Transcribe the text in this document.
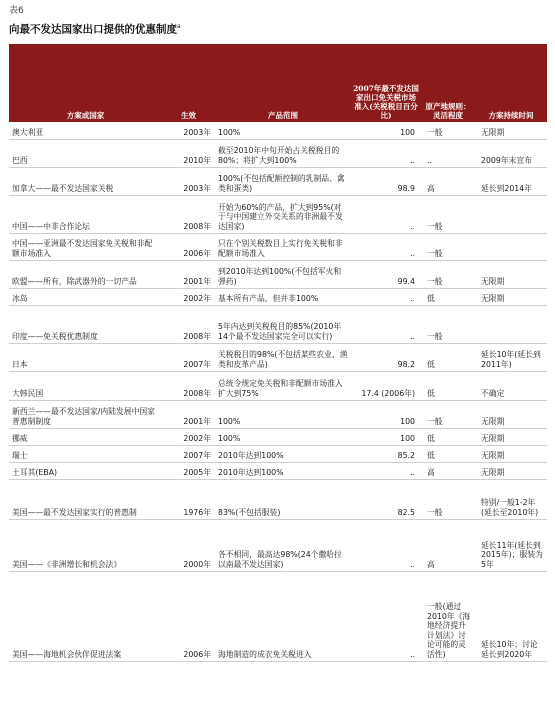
表6
向最不发达国家出口提供的优惠制度$^a$
方案或国家	生效	产品范围	2007年最不发达国家出口免关税市场准入(关税税目百分比)	原产地规则：灵活程度	方案持续时间
澳大利亚	2003年	100%	100	一般	无限期
巴西	2010年	截至2010年中旬开始占关税税目的80%；将扩大到100%	..	..	2009年末宣布
加拿大——最不发达国家关税	2003年	100%(不包括配额控制的乳制品、禽类和蛋类)	98.9	高	延长到2014年
中国——中非合作论坛	2008年	开始为60%的产品，扩大到95%(对于与中国建立外交关系的非洲最不发达国家)	..	一般	
中国——亚洲最不发达国家免关税和非配额市场准入	2006年	只在个别关税数目上实行免关税和非配额市场准入	..	一般	
欧盟——所有，除武器外的一切产品	2001年	到2010年达到100%(不包括军火和弹药)	99.4	一般	无限期
冰岛	2002年	基本所有产品，但并非100%	..	低	无限期
印度——免关税优惠制度	2008年	5年内达到关税税目的85%(2010年14个最不发达国家完全可以实行)	..	一般	
日本	2007年	关税税目的98%(不包括某些农业、渔类和皮革产品)	98.2	低	延长10年(延长到2011年)
大韩民国	2008年	总统令规定免关税和非配额市场准入扩大到75%	17.4 (2006年)	低	不确定
新西兰——最不发达国家/内陆发展中国家普惠制制度	2001年	100%	100	一般	无限期
挪威	2002年	100%	100	低	无限期
瑞士	2007年	2010年达到100%	85.2	低	无限期
土耳其(EBA)	2005年	2010年达到100%	..	高	无限期
美国——最不发达国家实行的普惠制	1976年	83%(不包括服装)	82.5	一般	特别/一般1-2年(延长至2010年)
美国——《非洲增长和机会法》	2000年	各不相同，最高达98%(24个撒哈拉以南最不发达国家)	..	高	延长11年(延长到2015年)；服装为5年
美国——海地机会伙伴促进法案	2006年	海地制造的成衣免关税进入	..	一般(通过2010年《海地经济提升计划法》讨论可能的灵活性)	延长10年；讨论延长到2020年
